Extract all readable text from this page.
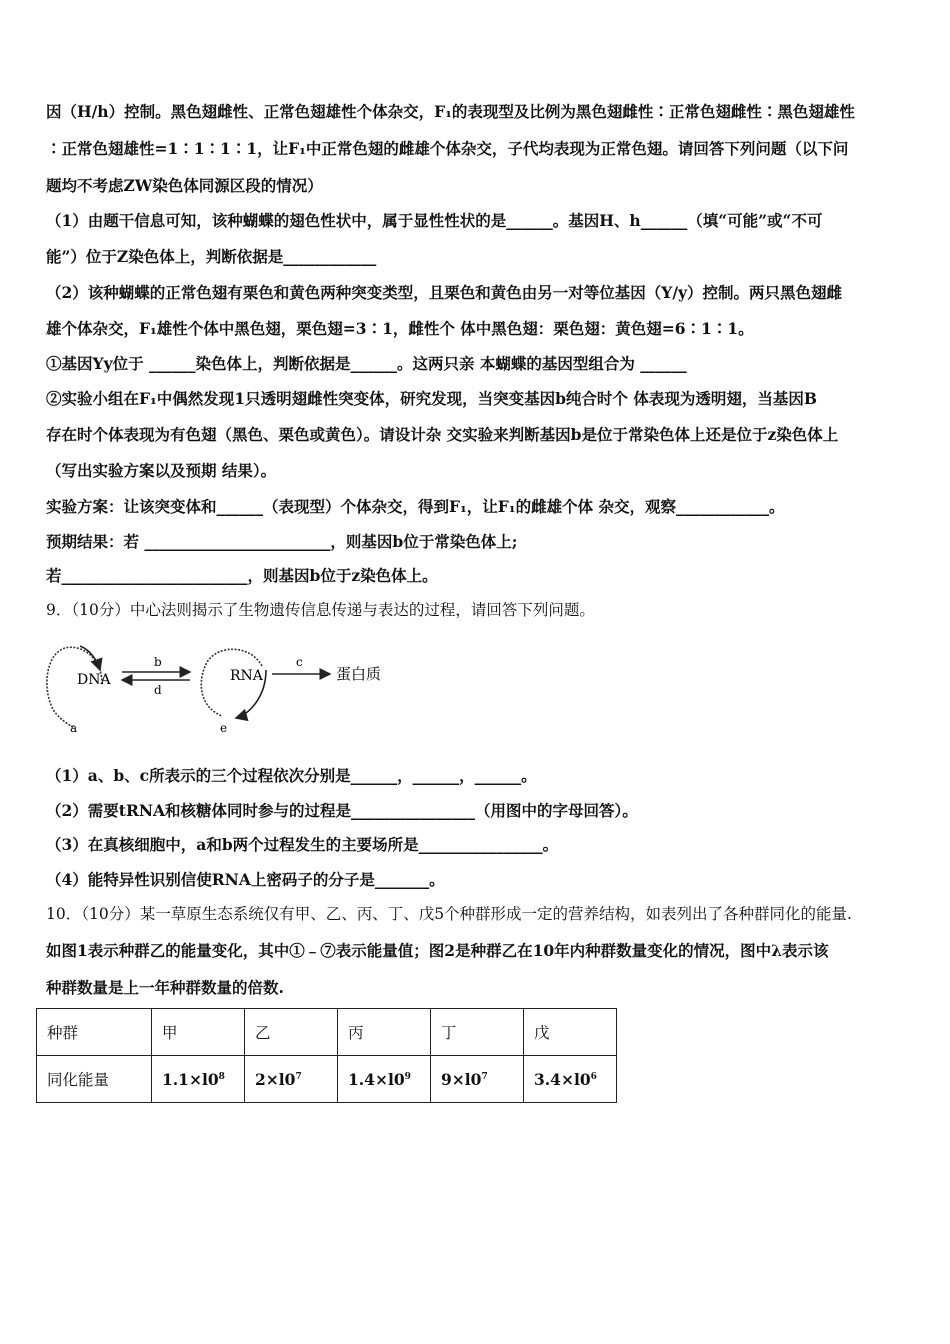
因（H/h）控制。黑色翅雌性、正常色翅雄性个体杂交，F₁的表现型及比例为黑色翅雌性∶正常色翅雌性∶黑色翅雄性
∶正常色翅雄性=1∶1∶1∶1，让F₁中正常色翅的雌雄个体杂交，子代均表现为正常色翅。请回答下列问题（以下问
题均不考虑ZW染色体同源区段的情况）
（1）由题干信息可知，该种蝴蝶的翅色性状中，属于显性性状的是______。基因H、h______（填“可能”或“不可
能”）位于Z染色体上，判断依据是____________
（2）该种蝴蝶的正常色翅有栗色和黄色两种突变类型，且栗色和黄色由另一对等位基因（Y/y）控制。两只黑色翅雌
雄个体杂交，F₁雄性个体中黑色翅，栗色翅=3∶1，雌性个 体中黑色翅：栗色翅：黄色翅=6∶1∶1。
①基因Yy位于 ______染色体上，判断依据是______。这两只亲 本蝴蝶的基因型组合为 ______
②实验小组在F₁中偶然发现1只透明翅雌性突变体，研究发现，当突变基因b纯合时个 体表现为透明翅，当基因B
存在时个体表现为有色翅（黑色、栗色或黄色）。请设计杂 交实验来判断基因b是位于常染色体上还是位于z染色体上
（写出实验方案以及预期 结果）。
实验方案：让该突变体和______（表现型）个体杂交，得到F₁，让F₁的雌雄个体 杂交，观察____________。
预期结果：若 ________________________，则基因b位于常染色体上;
若________________________，则基因b位于z染色体上。
9．（10分）中心法则揭示了生物遗传信息传递与表达的过程，请回答下列问题。
DNA
a
b
d
RNA
e
c
蛋白质
（1）a、b、c所表示的三个过程依次分别是______，______，______。
（2）需要tRNA和核糖体同时参与的过程是________________（用图中的字母回答）。
（3）在真核细胞中，a和b两个过程发生的主要场所是________________。
（4）能特异性识别信使RNA上密码子的分子是_______。
10．（10分）某一草原生态系统仅有甲、乙、丙、丁、戊5个种群形成一定的营养结构，如表列出了各种群同化的能量.
如图1表示种群乙的能量变化，其中①﹣⑦表示能量值；图2是种群乙在10年内种群数量变化的情况，图中λ表示该
种群数量是上一年种群数量的倍数.
种群	甲	乙	丙	丁	戊
同化能量	$1.1\times l0^8$	$2\times l0^7$	$1.4\times l0^9$	$9\times l0^7$	$3.4\times l0^6$
